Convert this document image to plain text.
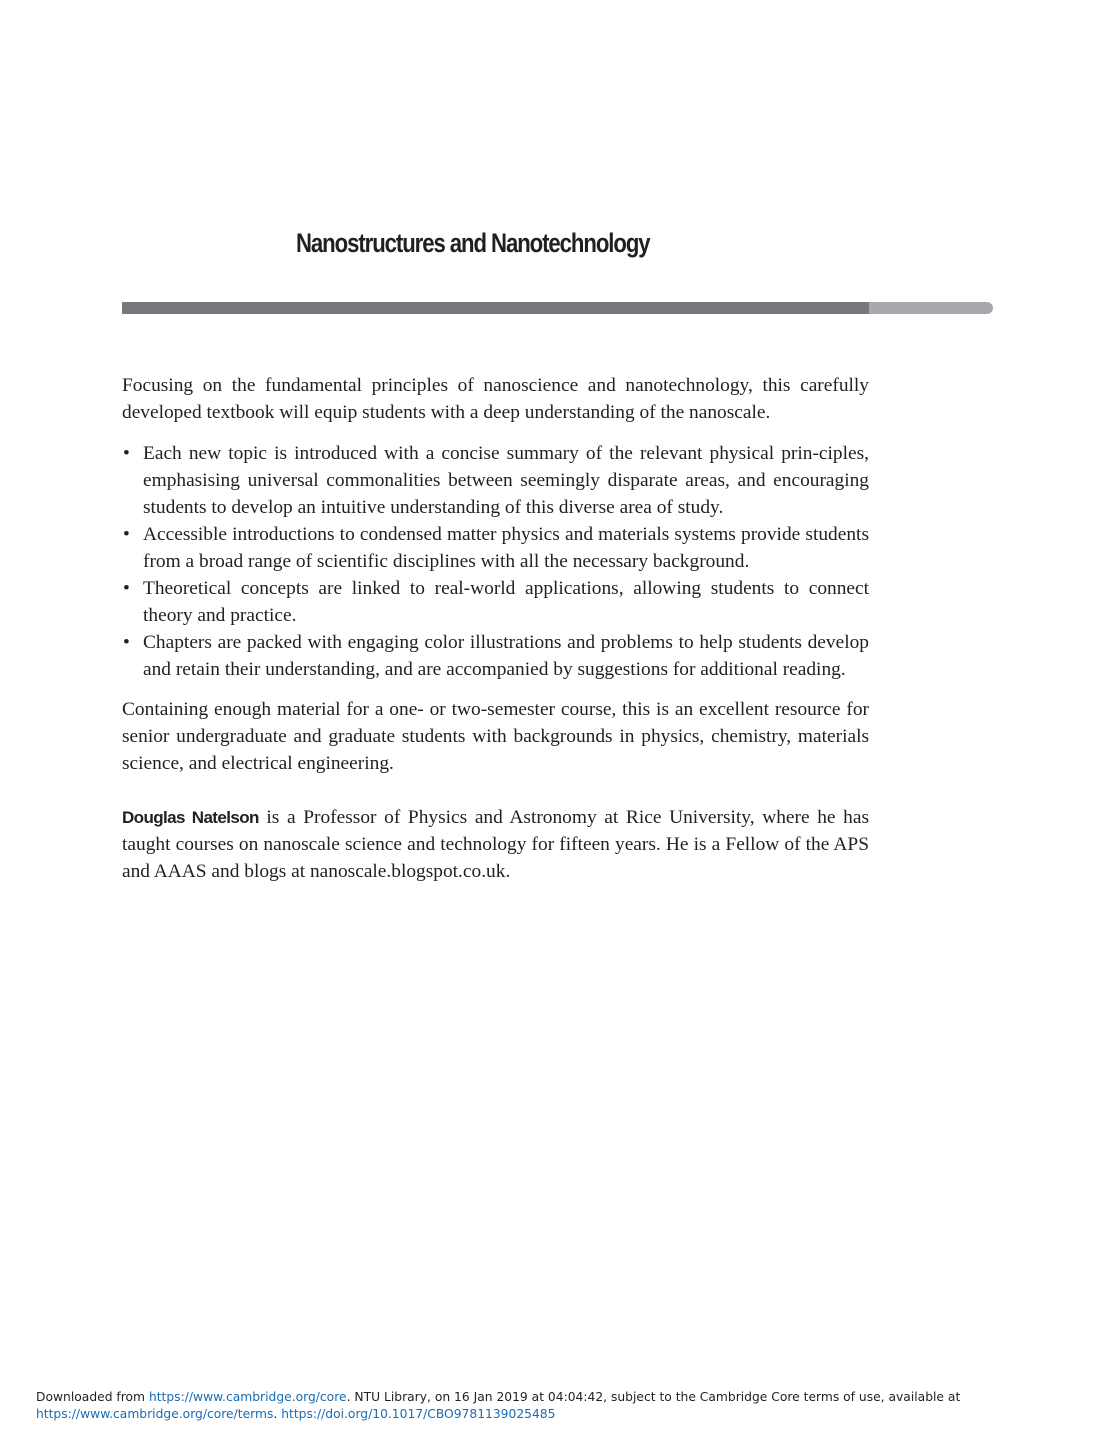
Nanostructures and Nanotechnology

Focusing on the fundamental principles of nanoscience and nanotechnology, this carefully developed textbook will equip students with a deep understanding of the nanoscale.

• Each new topic is introduced with a concise summary of the relevant physical prin-ciples, emphasising universal commonalities between seemingly disparate areas, and encouraging students to develop an intuitive understanding of this diverse area of study.
• Accessible introductions to condensed matter physics and materials systems provide students from a broad range of scientific disciplines with all the necessary background.
• Theoretical concepts are linked to real-world applications, allowing students to connect theory and practice.
• Chapters are packed with engaging color illustrations and problems to help students develop and retain their understanding, and are accompanied by suggestions for additional reading.

Containing enough material for a one- or two-semester course, this is an excellent resource for senior undergraduate and graduate students with backgrounds in physics, chemistry, materials science, and electrical engineering.

Douglas Natelson is a Professor of Physics and Astronomy at Rice University, where he has taught courses on nanoscale science and technology for fifteen years. He is a Fellow of the APS and AAAS and blogs at nanoscale.blogspot.co.uk.

Downloaded from https://www.cambridge.org/core. NTU Library, on 16 Jan 2019 at 04:04:42, subject to the Cambridge Core terms of use, available at
https://www.cambridge.org/core/terms. https://doi.org/10.1017/CBO9781139025485
